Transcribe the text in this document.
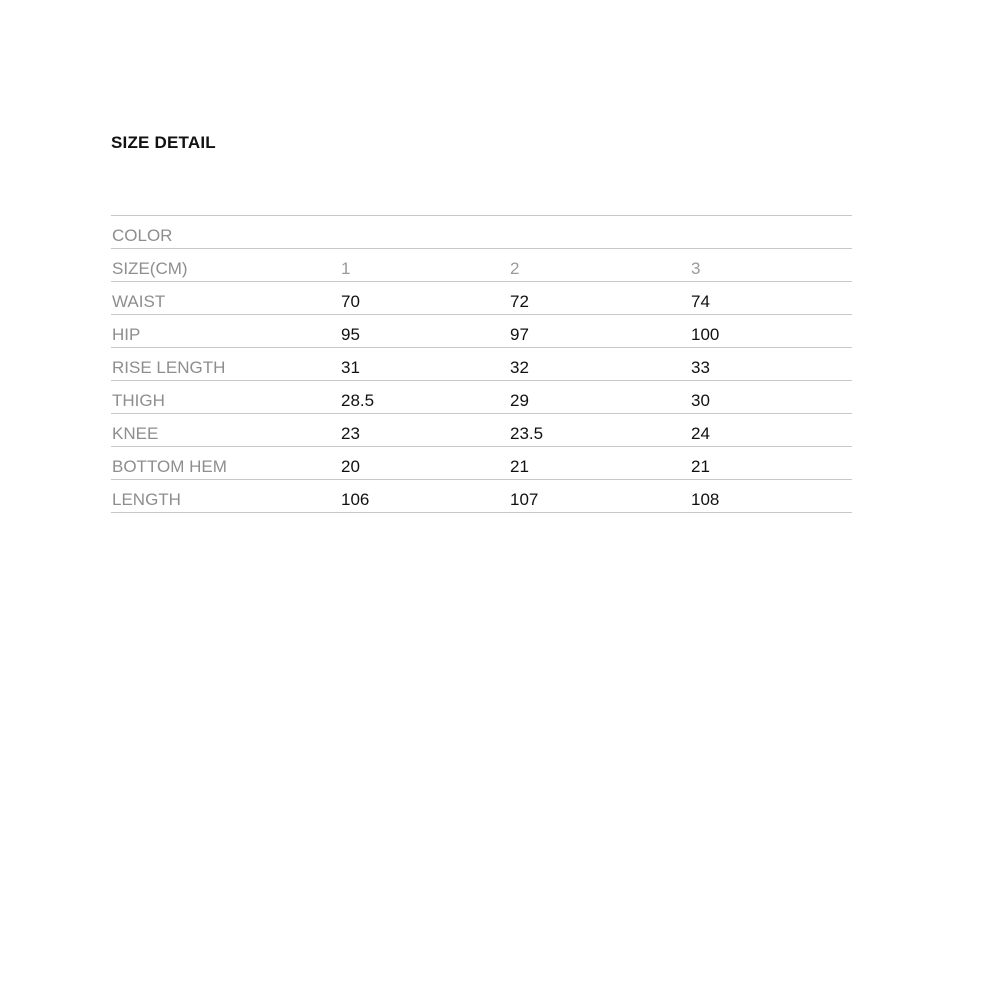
SIZE DETAIL
COLOR
SIZE(CM)	1	2	3
WAIST	70	72	74
HIP	95	97	100
RISE LENGTH	31	32	33
THIGH	28.5	29	30
KNEE	23	23.5	24
BOTTOM HEM	20	21	21
LENGTH	106	107	108
